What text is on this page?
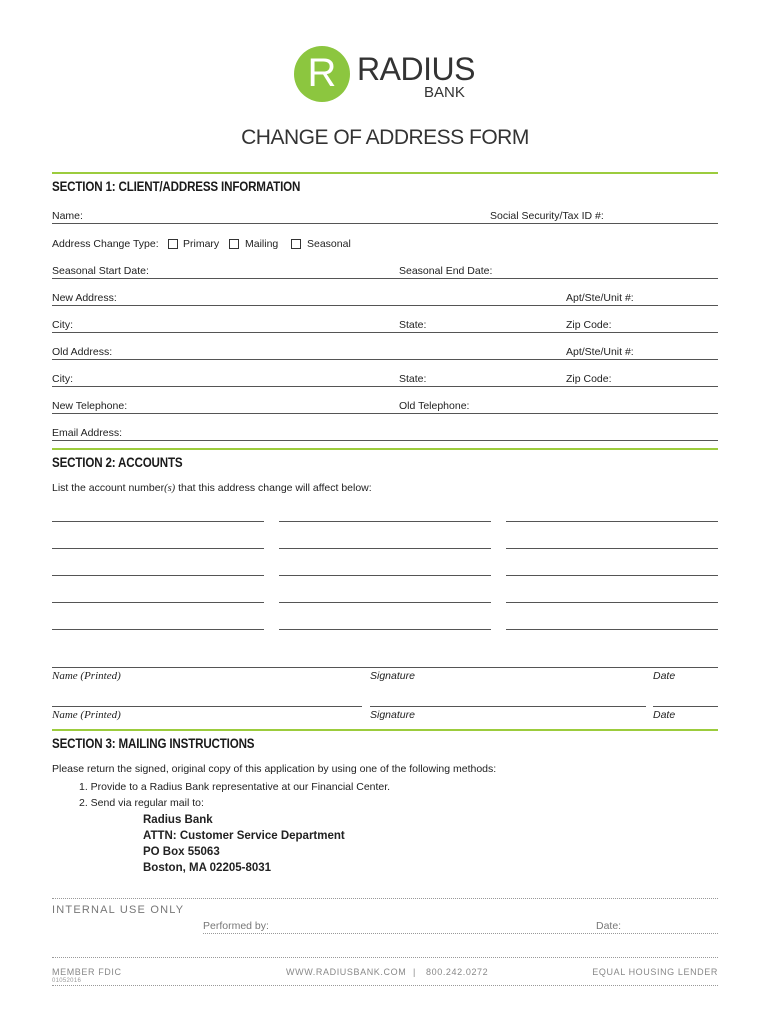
R RADIUS
BANK
CHANGE OF ADDRESS FORM
SECTION 1: CLIENT/ADDRESS INFORMATION
Name:	Social Security/Tax ID #:
Address Change Type: Primary Mailing	Seasonal
Seasonal Start Date:	Seasonal End Date:
New Address:	Apt/Ste/Unit #:
City:	State:	Zip Code:
Old Address:	Apt/Ste/Unit #:
City:	State:	Zip Code:
New Telephone:	Old Telephone:
Email Address:
SECTION 2: ACCOUNTS
List the account number(s) that this address change will affect below:
Name (Printed)	Signature	Date
Name (Printed)	Signature	Date
SECTION 3: MAILING INSTRUCTIONS
Please return the signed, original copy of this application by using one of the following methods:
1. Provide to a Radius Bank representative at our Financial Center.
2. Send via regular mail to:
Radius Bank
ATTN: Customer Service Department
PO Box 55063
Boston, MA 02205-8031
INTERNAL USE ONLY
Performed by:	Date:
MEMBER FDIC
01052016
WWW.RADIUSBANK.COM | 800.242.0272	EQUAL HOUSING LENDER
